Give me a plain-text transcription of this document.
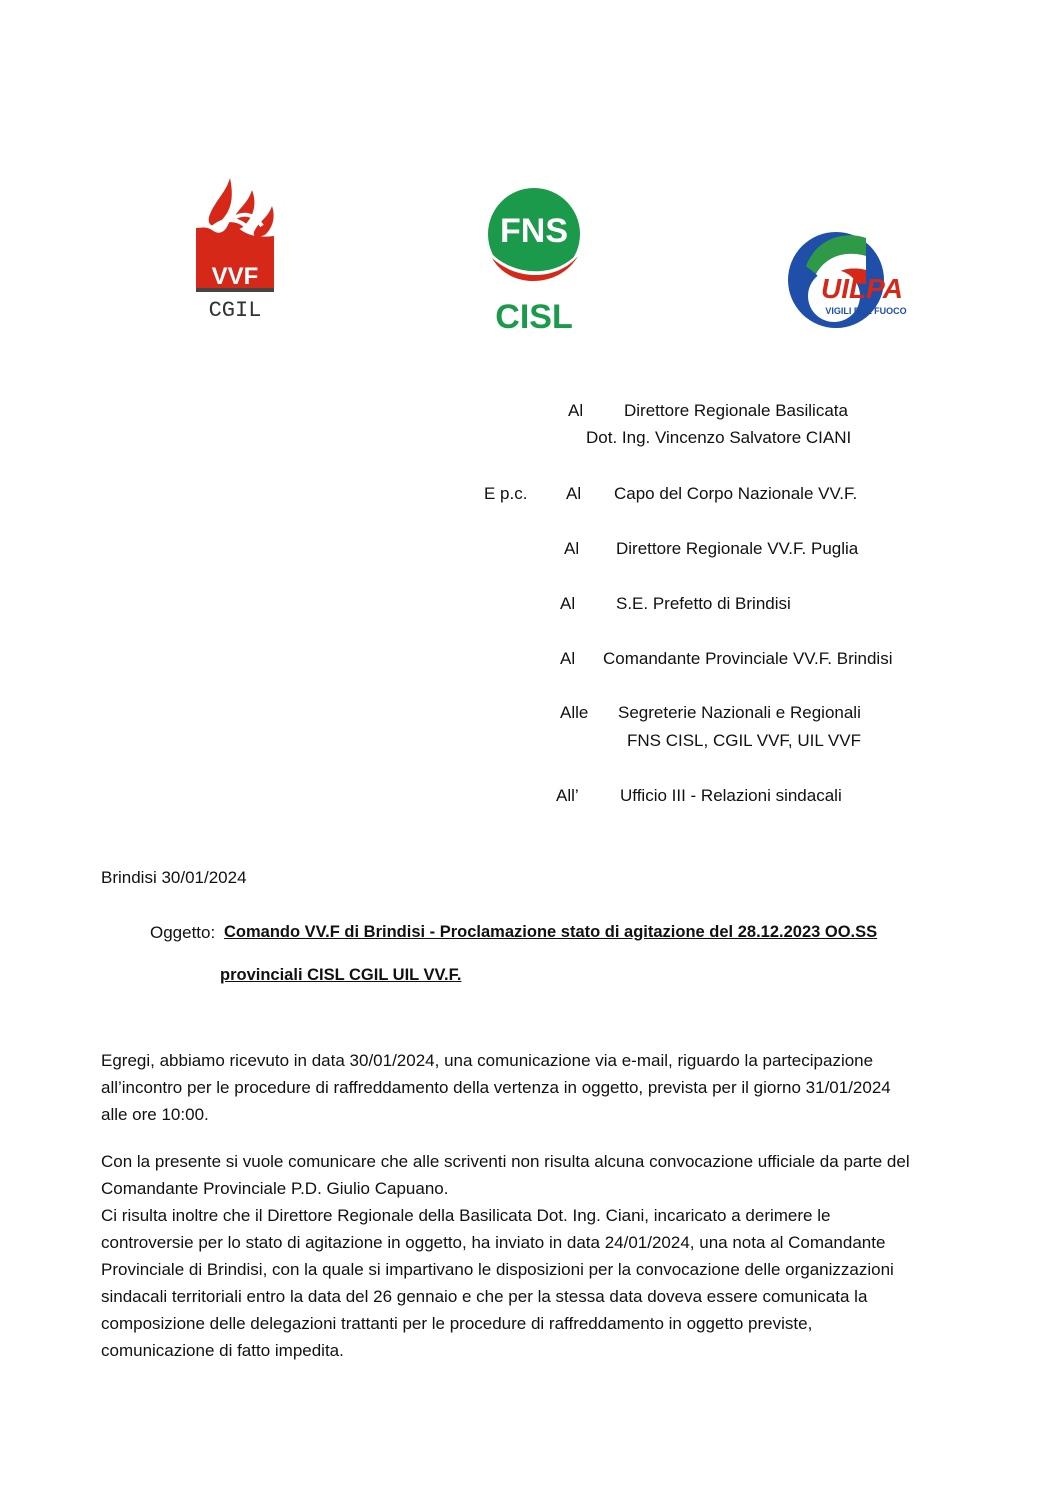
VVF
CGIL
FNS
CISL
UILPA
VIGILI DEL FUOCO
Al Direttore Regionale Basilicata
Dot. Ing. Vincenzo Salvatore CIANI
E p.c. Al Capo del Corpo Nazionale VV.F.
Al Direttore Regionale VV.F. Puglia
Al S.E. Prefetto di Brindisi
Al Comandante Provinciale VV.F. Brindisi
Alle Segreterie Nazionali e Regionali
FNS CISL, CGIL VVF, UIL VVF
All’ Ufficio III - Relazioni sindacali
Brindisi 30/01/2024
Oggetto: Comando VV.F di Brindisi - Proclamazione stato di agitazione del 28.12.2023 OO.SS
provinciali CISL CGIL UIL VV.F.

Egregi, abbiamo ricevuto in data 30/01/2024, una comunicazione via e-mail, riguardo la partecipazione

all’incontro per le procedure di raffreddamento della vertenza in oggetto, prevista per il giorno 31/01/2024

alle ore 10:00.

Con la presente si vuole comunicare che alle scriventi non risulta alcuna convocazione ufficiale da parte del

Comandante Provinciale P.D. Giulio Capuano.

Ci risulta inoltre che il Direttore Regionale della Basilicata Dot. Ing. Ciani, incaricato a derimere le

controversie per lo stato di agitazione in oggetto, ha inviato in data 24/01/2024, una nota al Comandante

Provinciale di Brindisi, con la quale si impartivano le disposizioni per la convocazione delle organizzazioni

sindacali territoriali entro la data del 26 gennaio e che per la stessa data doveva essere comunicata la

composizione delle delegazioni trattanti per le procedure di raffreddamento in oggetto previste,

comunicazione di fatto impedita.
